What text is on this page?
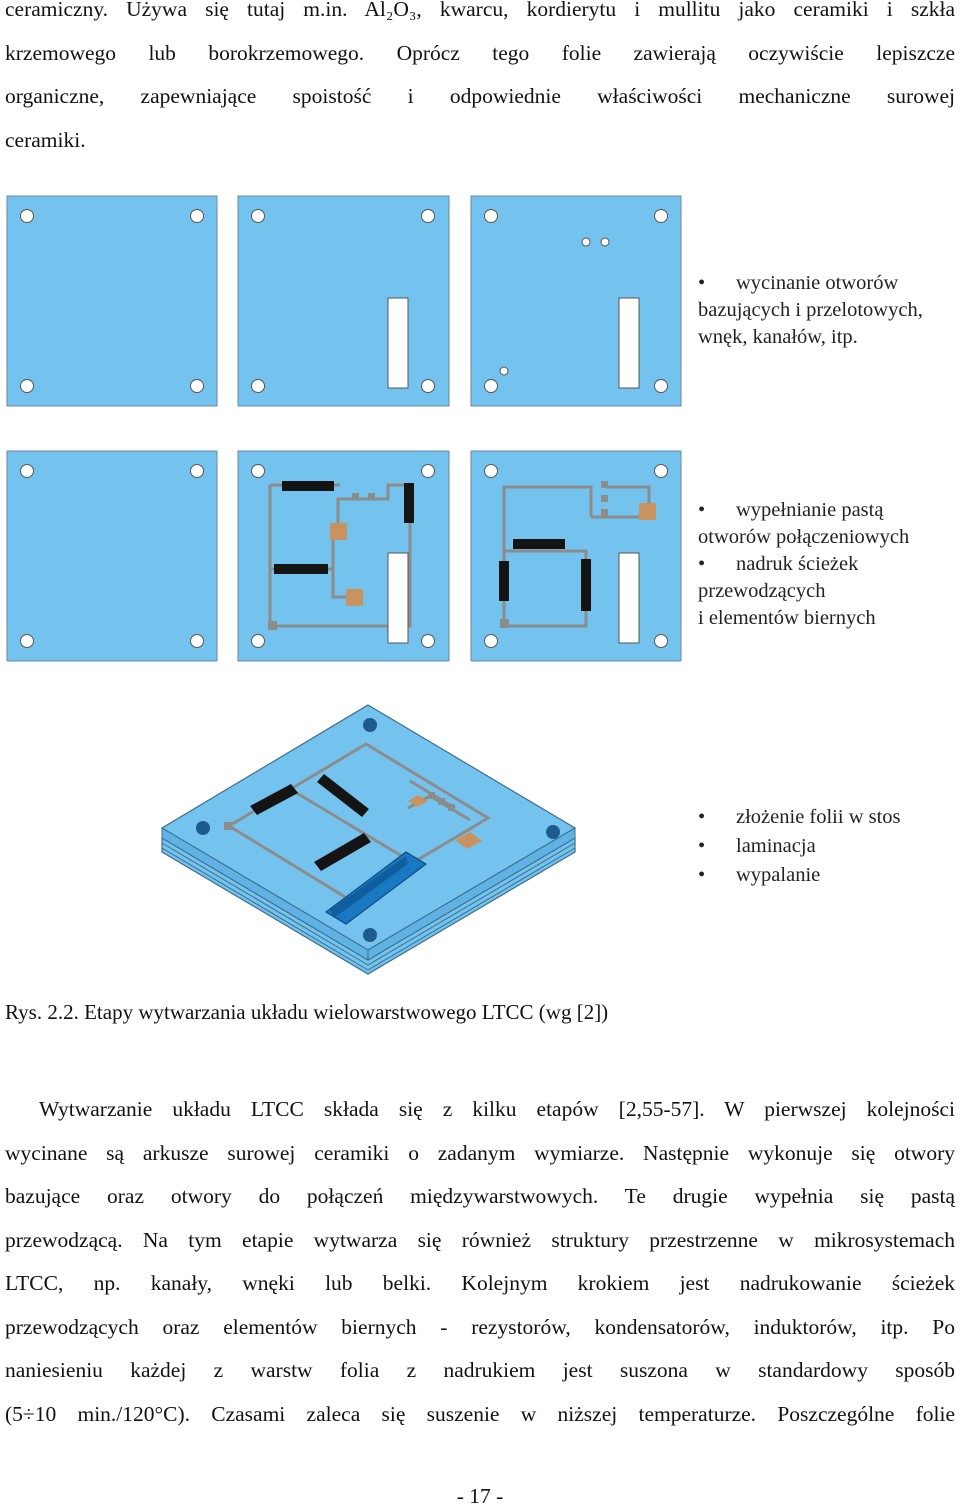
ceramiczny. Używa się tutaj m.in. Al₂O₃, kwarcu, kordierytu i mullitu jako ceramiki i szkła
krzemowego lub borokrzemowego. Oprócz tego folie zawierają oczywiście lepiszcze
organiczne, zapewniające spoistość i odpowiednie właściwości mechaniczne surowej
ceramiki.
• wycinanie otworów
bazujących i przelotowych,
wnęk, kanałów, itp.
• wypełnianie pastą
otworów połączeniowych
• nadruk ścieżek
przewodzących
i elementów biernych
• złożenie folii w stos
• laminacja
• wypalanie
Rys. 2.2. Etapy wytwarzania układu wielowarstwowego LTCC (wg [2])
Wytwarzanie układu LTCC składa się z kilku etapów [2,55-57]. W pierwszej kolejności
wycinane są arkusze surowej ceramiki o zadanym wymiarze. Następnie wykonuje się otwory
bazujące oraz otwory do połączeń międzywarstwowych. Te drugie wypełnia się pastą
przewodzącą. Na tym etapie wytwarza się również struktury przestrzenne w mikrosystemach
LTCC, np. kanały, wnęki lub belki. Kolejnym krokiem jest nadrukowanie ścieżek
przewodzących oraz elementów biernych - rezystorów, kondensatorów, induktorów, itp. Po
naniesieniu każdej z warstw folia z nadrukiem jest suszona w standardowy sposób
(5÷10 min./120°C). Czasami zaleca się suszenie w niższej temperaturze. Poszczególne folie
- 17 -
